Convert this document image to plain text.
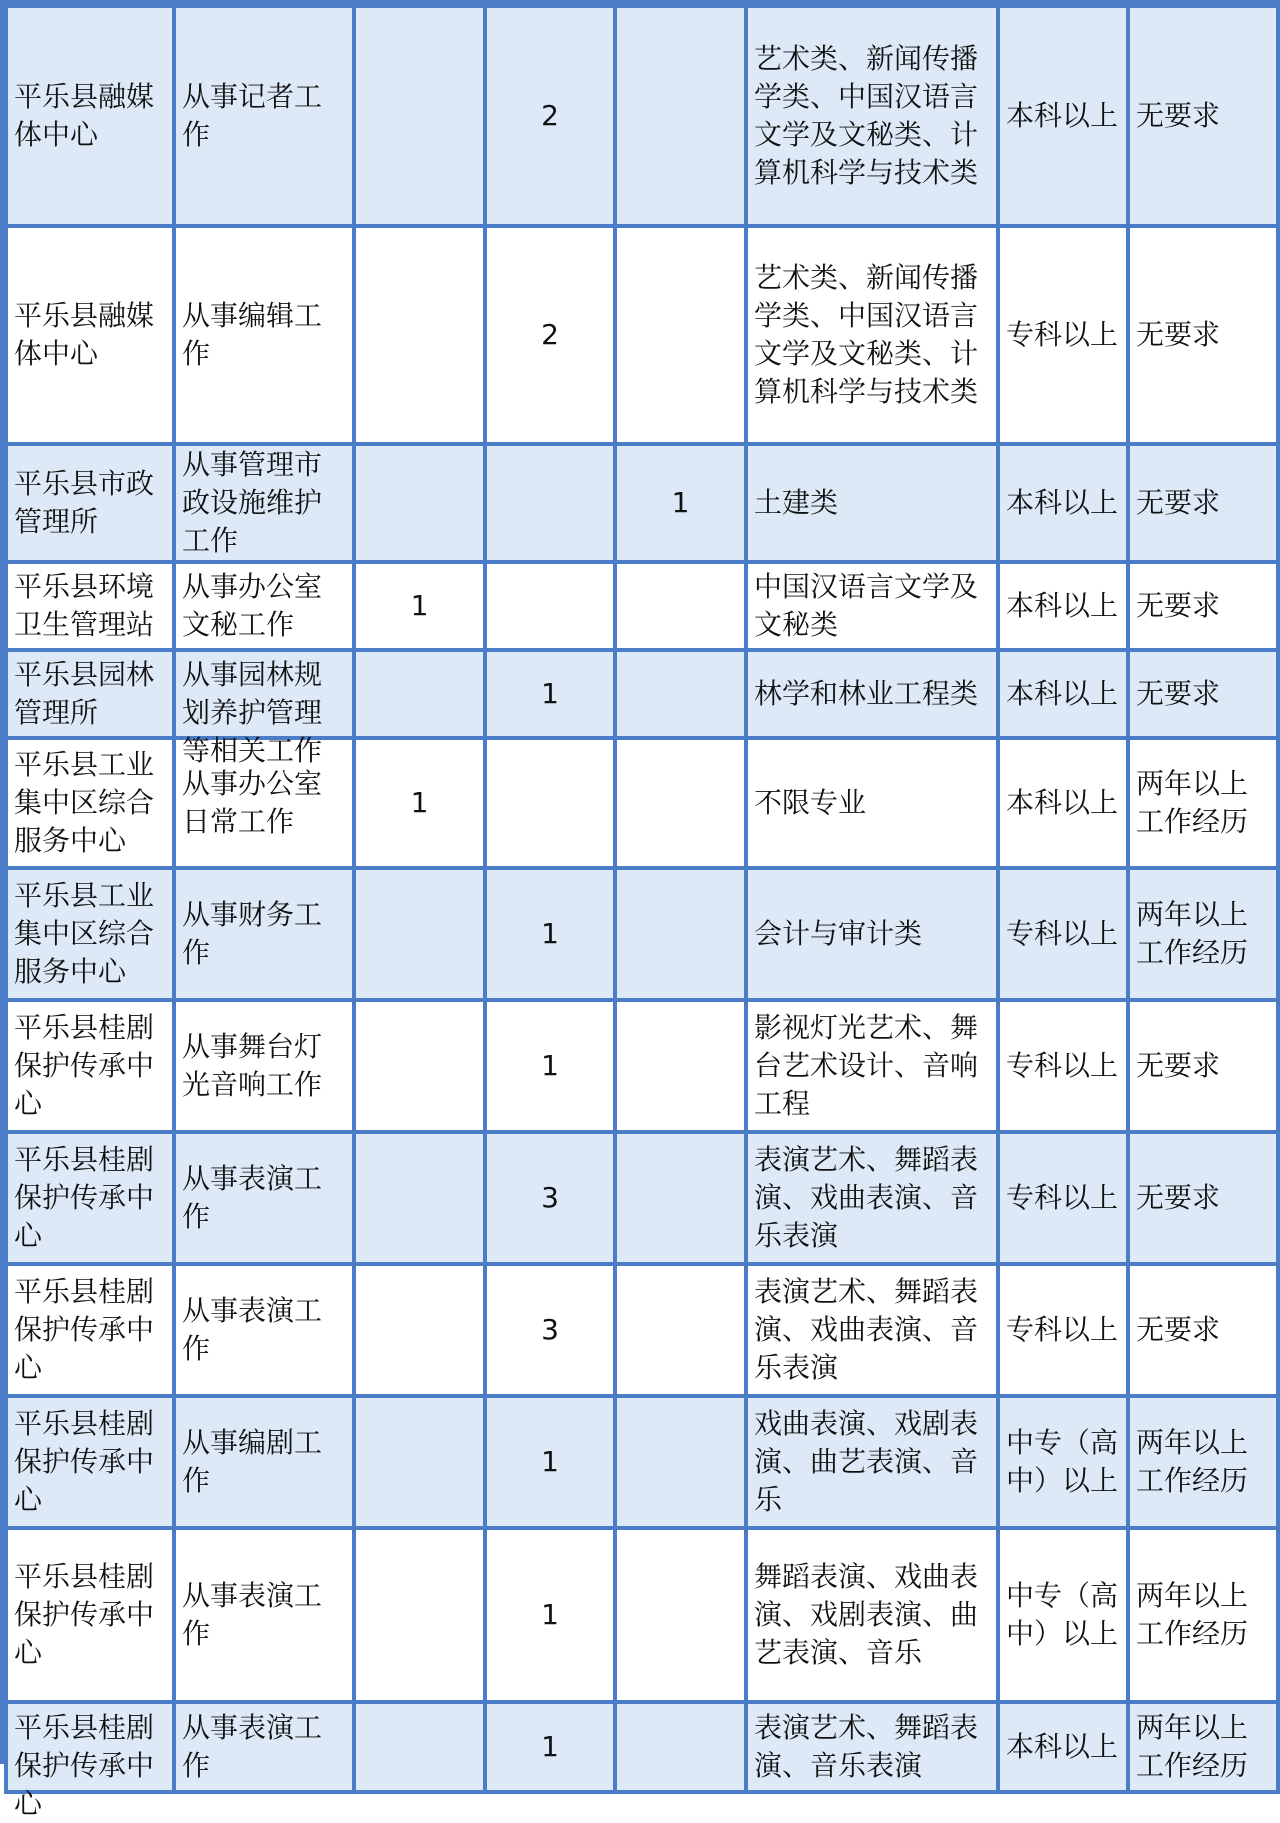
平乐县融媒体中心	从事记者工作		2		艺术类、新闻传播学类、中国汉语言文学及文秘类、计算机科学与技术类	本科以上	无要求
平乐县融媒体中心	从事编辑工作		2		艺术类、新闻传播学类、中国汉语言文学及文秘类、计算机科学与技术类	专科以上	无要求
平乐县市政管理所	从事管理市政设施维护工作			1	土建类	本科以上	无要求
平乐县环境卫生管理站	从事办公室文秘工作	1			中国汉语言文学及文秘类	本科以上	无要求
平乐县园林管理所	从事园林规划养护管理等相关工作		1		林学和林业工程类	本科以上	无要求
平乐县工业集中区综合服务中心	从事办公室日常工作	1			不限专业	本科以上	两年以上工作经历
平乐县工业集中区综合服务中心	从事财务工作		1		会计与审计类	专科以上	两年以上工作经历
平乐县桂剧保护传承中心	从事舞台灯光音响工作		1		影视灯光艺术、舞台艺术设计、音响工程	专科以上	无要求
平乐县桂剧保护传承中心	从事表演工作		3		表演艺术、舞蹈表演、戏曲表演、音乐表演	专科以上	无要求
平乐县桂剧保护传承中心	从事表演工作		3		表演艺术、舞蹈表演、戏曲表演、音乐表演	专科以上	无要求
平乐县桂剧保护传承中心	从事编剧工作		1		戏曲表演、戏剧表演、曲艺表演、音乐	中专（高中）以上	两年以上工作经历
平乐县桂剧保护传承中心	从事表演工作		1		舞蹈表演、戏曲表演、戏剧表演、曲艺表演、音乐	中专（高中）以上	两年以上工作经历

平乐县桂剧保护传承中心	从事表演工作		1		表演艺术、舞蹈表演、音乐表演	本科以上	两年以上工作经历
